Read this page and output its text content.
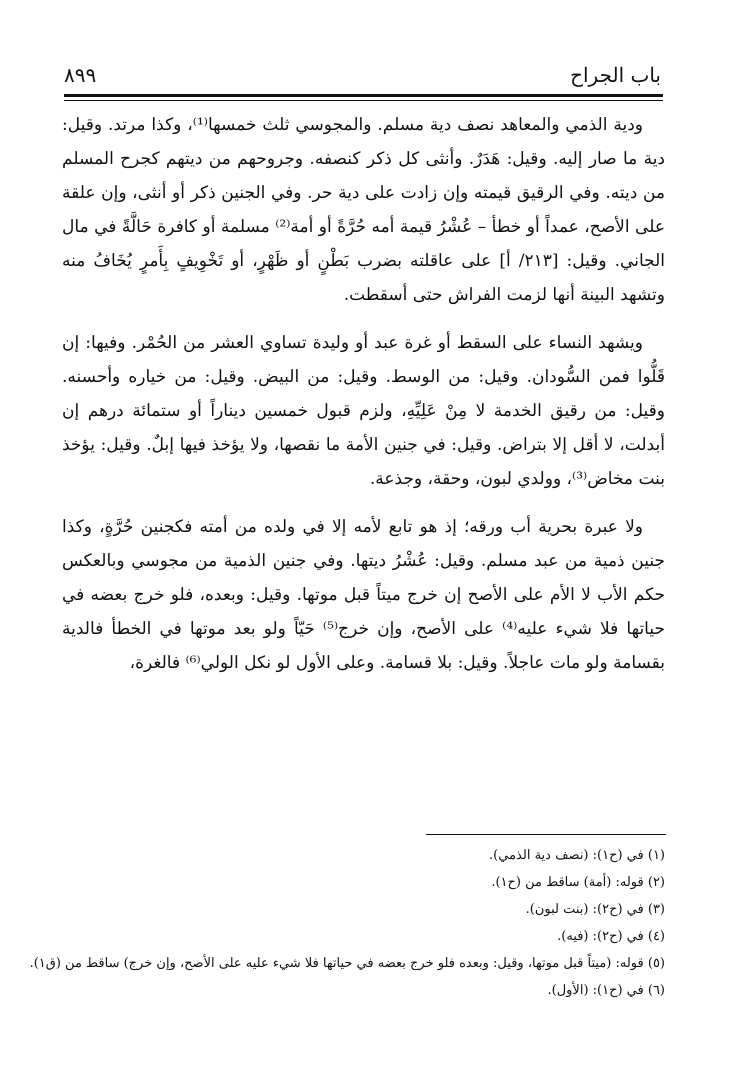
باب الجراح
٨٩٩

ودية الذمي والمعاهد نصف دية مسلم. والمجوسي ثلث خمسها⁽¹⁾، وكذا مرتد. وقيل: دية ما صار إليه. وقيل: هَدَرٌ. وأنثى كل ذكر كنصفه. وجروحهم من ديتهم كجرح المسلم من ديته. وفي الرقيق قيمته وإن زادت على دية حر. وفي الجنين ذكر أو أنثى، وإن علقة على الأصح، عمداً أو خطأ – عُشْرُ قيمة أمه حُرَّةً أو أمة⁽²⁾ مسلمة أو كافرة حَالَّةً في مال الجاني. وقيل: [٢١٣/ أ] على عاقلته بضرب بَطْنٍ أو ظَهْرٍ، أو تَخْوِيفٍ بِأَمرٍ يُخَافُ منه وتشهد البينة أنها لزمت الفراش حتى أسقطت.

ويشهد النساء على السقط أو غرة عبد أو وليدة تساوي العشر من الحُمْر. وفيها: إن قَلُّوا فمن السُّودان. وقيل: من الوسط. وقيل: من البيض. وقيل: من خياره وأحسنه. وقيل: من رقيق الخدمة لا مِنْ عَلِيِّهِ، ولزم قبول خمسين ديناراً أو ستمائة درهم إن أبدلت، لا أقل إلا بتراض. وقيل: في جنين الأمة ما نقصها، ولا يؤخذ فيها إبلٌ. وقيل: يؤخذ بنت مخاض⁽³⁾، وولدي لبون، وحقة، وجذعة.

ولا عبرة بحرية أب ورقه؛ إذ هو تابع لأمه إلا في ولده من أمته فكجنين حُرَّةٍ، وكذا جنين ذمية من عبد مسلم. وقيل: عُشْرُ ديتها. وفي جنين الذمية من مجوسي وبالعكس حكم الأب لا الأم على الأصح إن خرج ميتاً قبل موتها. وقيل: وبعده، فلو خرج بعضه في حياتها فلا شيء عليه⁽⁴⁾ على الأصح، وإن خرج⁽⁵⁾ حَيّاً ولو بعد موتها في الخطأ فالدية بقسامة ولو مات عاجلاً. وقيل: بلا قسامة. وعلى الأول لو نكل الولي⁽⁶⁾ فالغرة،

(١) في (ح١): (نصف دية الذمي).
(٢) قوله: (أمة) ساقط من (ح١).
(٣) في (ح٢): (بنت لبون).
(٤) في (ح٢): (فيه).
(٥) قوله: (ميتاً قبل موتها، وقيل: وبعده فلو خرج بعضه في حياتها فلا شيء عليه على الأصح، وإن خرج) ساقط من (ق١).
(٦) في (ح١): (الأول).
